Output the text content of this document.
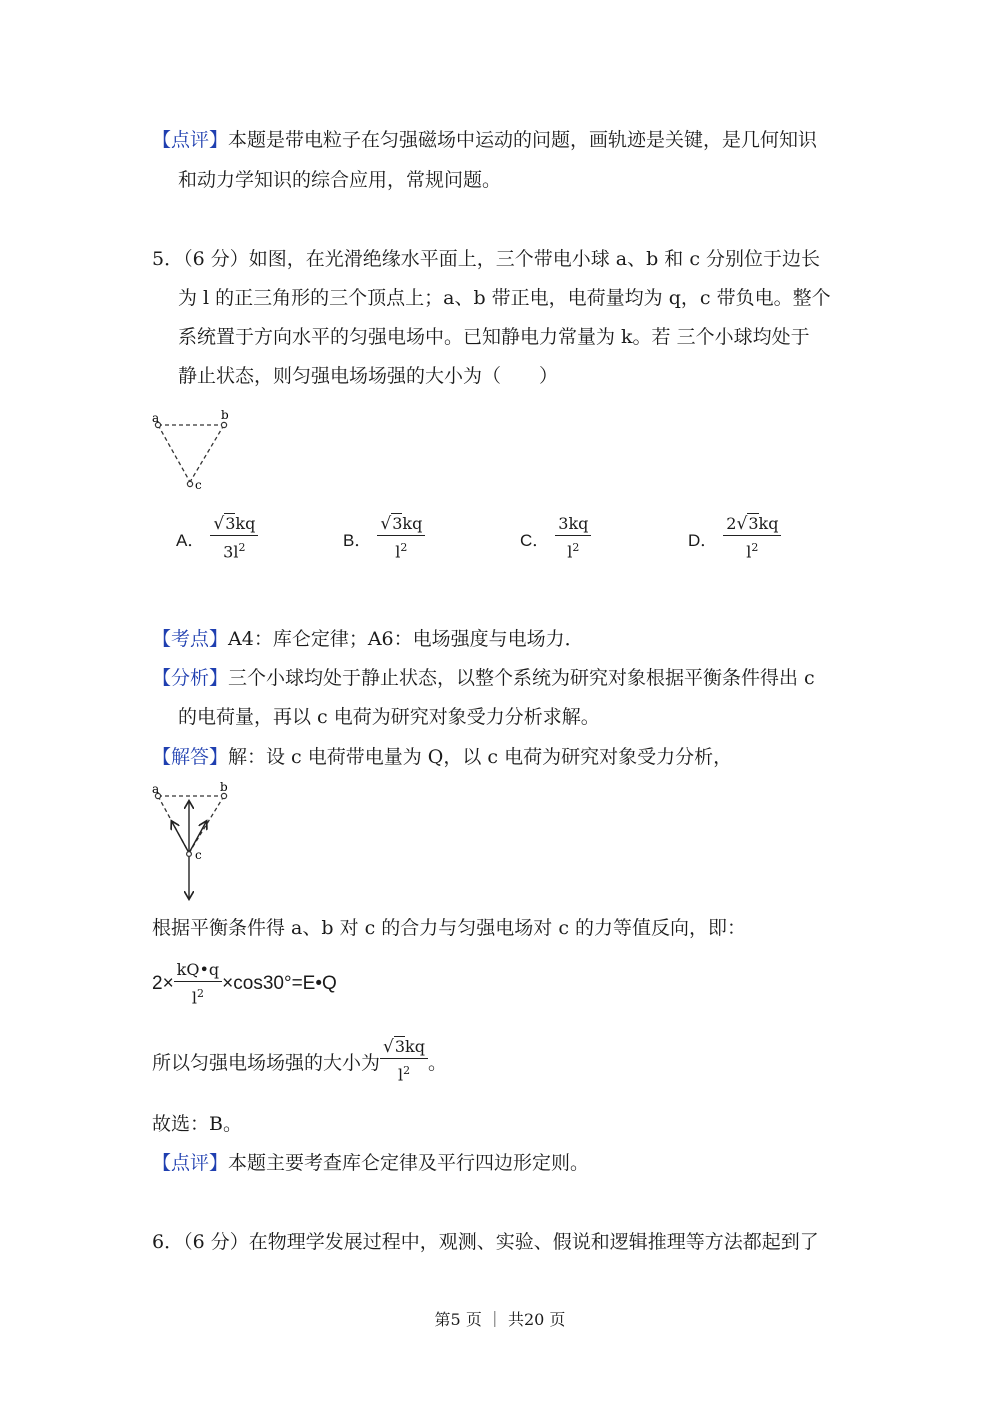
【点评】本题是带电粒子在匀强磁场中运动的问题，画轨迹是关键，是几何知识
和动力学知识的综合应用，常规问题。
5．（6 分）如图，在光滑绝缘水平面上，三个带电小球 a、b 和 c 分别位于边长
为 l 的正三角形的三个顶点上；a、b 带正电，电荷量均为 q，c 带负电。整个
系统置于方向水平的匀强电场中。已知静电力常量为 k。若 三个小球均处于
静止状态，则匀强电场场强的大小为（　　）
a	b
c
A． $\frac{√3kq}{3l^2}$	B． $\frac{√3kq}{l^2}$	C． $\frac{3kq}{l^2}$	D． $\frac{2√3kq}{l^2}$
【考点】A4：库仑定律；A6：电场强度与电场力．
【分析】三个小球均处于静止状态，以整个系统为研究对象根据平衡条件得出 c
的电荷量，再以 c 电荷为研究对象受力分析求解。
【解答】解：设 c 电荷带电量为 Q，以 c 电荷为研究对象受力分析，
a	b
c
根据平衡条件得 a、b 对 c 的合力与匀强电场对 c 的力等值反向，即：
$2\times \frac{kQ•q}{l^2}$ ×cos30°=E•Q
所以匀强电场场强的大小为 $\frac{√3kq}{l^2}$ 。
故选：B。
【点评】本题主要考查库仑定律及平行四边形定则。
6．（6 分）在物理学发展过程中，观测、实验、假说和逻辑推理等方法都起到了
第5 页 ｜ 共20 页
